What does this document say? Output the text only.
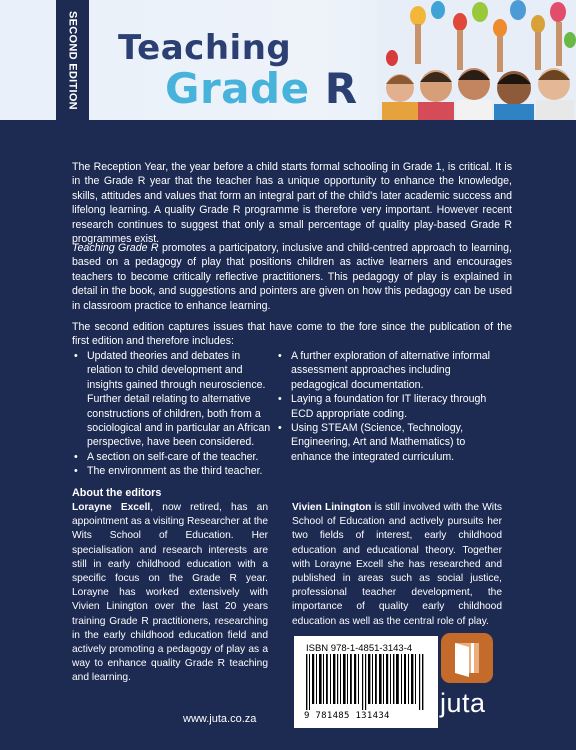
SECOND EDITION Teaching
Grade R
The Reception Year, the year before a child starts formal schooling in Grade 1, is critical. It is in the Grade R year that the teacher has a unique opportunity to enhance the knowledge, skills, attitudes and values that form an integral part of the child's later academic success and lifelong learning. A quality Grade R programme is therefore very important. However recent research continues to suggest that only a small percentage of quality play-based Grade R programmes exist.
Teaching Grade R promotes a participatory, inclusive and child-centred approach to learning, based on a pedagogy of play that positions children as active learners and encourages teachers to become critically reflective practitioners. This pedagogy of play is explained in detail in the book, and suggestions and pointers are given on how this pedagogy can be used in classroom practice to enhance learning.
The second edition captures issues that have come to the fore since the publication of the first edition and therefore includes:
• Updated theories and debates in relation to child development and insights gained through neuroscience. Further detail relating to alternative constructions of children, both from a sociological and in particular an African perspective, have been considered.
• A section on self-care of the teacher.
• The environment as the third teacher.
• A further exploration of alternative informal assessment approaches including pedagogical documentation.
• Laying a foundation for IT literacy through ECD appropriate coding.
• Using STEAM (Science, Technology, Engineering, Art and Mathematics) to enhance the integrated curriculum.
About the editors
Lorayne Excell, now retired, has an appointment as a visiting Researcher at the Wits School of Education. Her specialisation and research interests are still in early childhood education with a specific focus on the Grade R year. Lorayne has worked extensively with Vivien Linington over the last 20 years training Grade R practitioners, researching in the early childhood education field and actively promoting a pedagogy of play as a way to enhance quality Grade R teaching and learning.
Vivien Linington is still involved with the Wits School of Education and actively pursuits her two fields of interest, early childhood education and educational theory. Together with Lorayne Excell she has researched and published in areas such as social justice, professional teacher development, the importance of quality early childhood education as well as the central role of play.
ISBN 978-1-4851-3143-4
9 781485 131434 juta
www.juta.co.za
